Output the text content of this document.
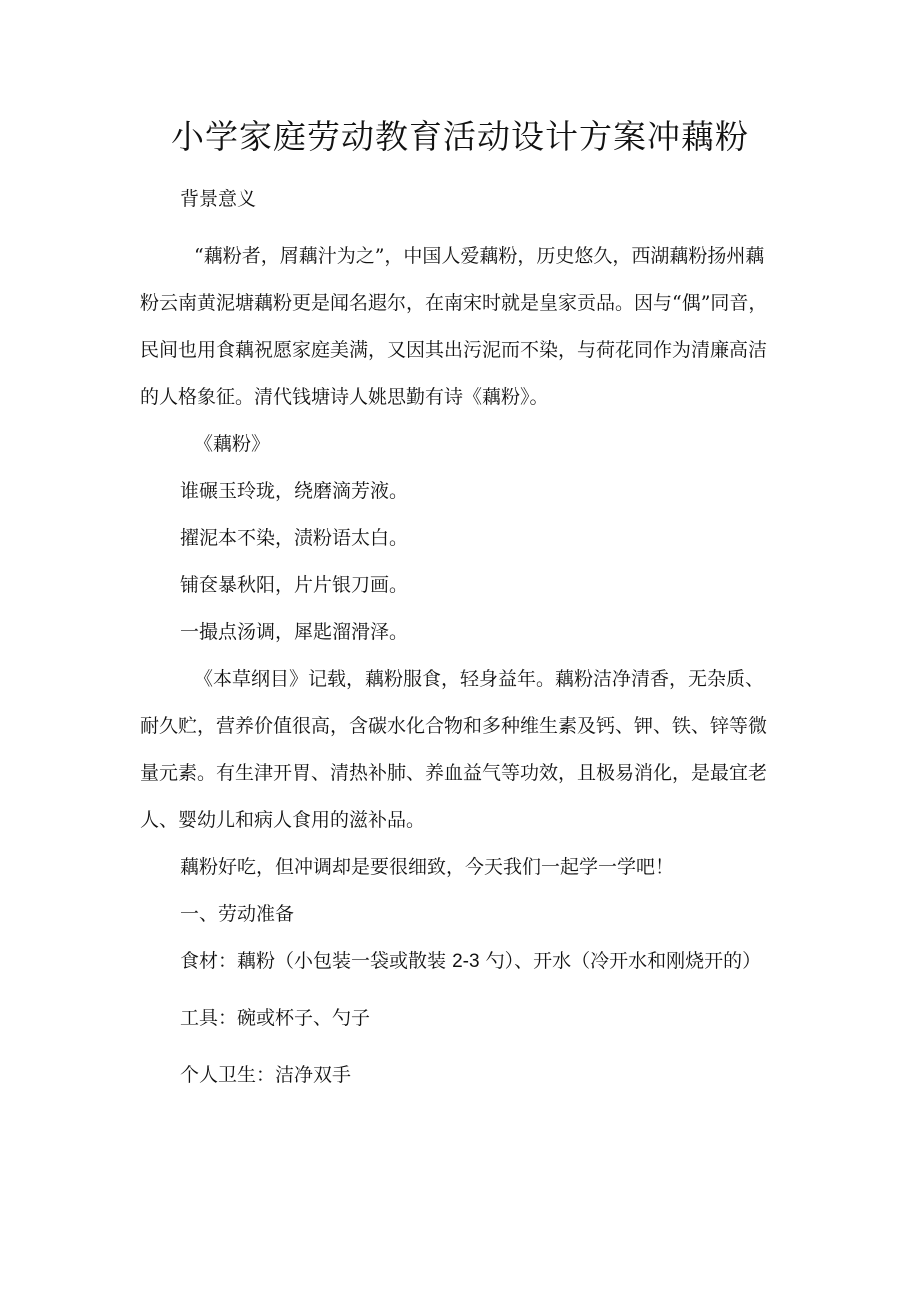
小学家庭劳动教育活动设计方案冲藕粉

背景意义

“藕粉者，屑藕汁为之”，中国人爱藕粉，历史悠久，西湖藕粉扬州藕粉云南黄泥塘藕粉更是闻名遐尔，在南宋时就是皇家贡品。因与“偶”同音，民间也用食藕祝愿家庭美满，又因其出污泥而不染，与荷花同作为清廉高洁的人格象征。清代钱塘诗人姚思勤有诗《藕粉》。

《藕粉》

谁碾玉玲珑，绕磨滴芳液。

擢泥本不染，渍粉语太白。

铺奁暴秋阳，片片银刀画。

一撮点汤调，犀匙溜滑泽。

《本草纲目》记载，藕粉服食，轻身益年。藕粉洁净清香，无杂质、耐久贮，营养价值很高，含碳水化合物和多种维生素及钙、钾、铁、锌等微量元素。有生津开胃、清热补肺、养血益气等功效，且极易消化，是最宜老人、婴幼儿和病人食用的滋补品。

藕粉好吃，但冲调却是要很细致，今天我们一起学一学吧！

一、劳动准备

食材：藕粉（小包装一袋或散装 2-3 勺）、开水（冷开水和刚烧开的）

工具：碗或杯子、勺子

个人卫生：洁净双手
